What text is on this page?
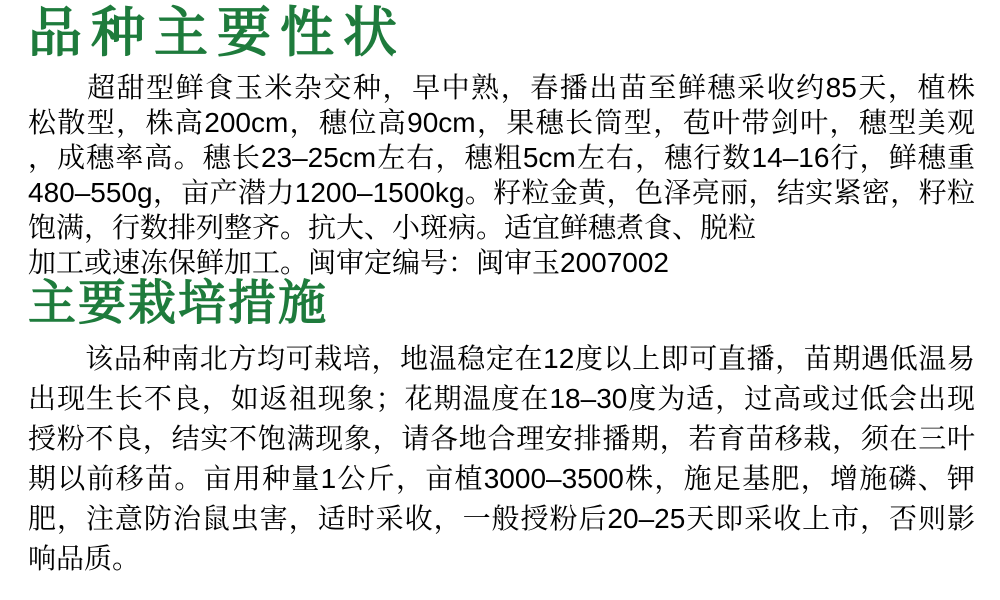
品种主要性状
　　超甜型鲜食玉米杂交种，早中熟，春播出苗至鲜穗采收约85天，植株
松散型，株高200cm，穗位高90cm，果穗长筒型，苞叶带剑叶，穗型美观
，成穗率高。穗长23–25cm左右，穗粗5cm左右，穗行数14–16行，鲜穗重
480–550g，亩产潜力1200–1500kg。籽粒金黄，色泽亮丽，结实紧密，籽粒
饱满，行数排列整齐。抗大、小斑病。适宜鲜穗煮食、脱粒
加工或速冻保鲜加工。闽审定编号：闽审玉2007002
主要栽培措施
　　该品种南北方均可栽培，地温稳定在12度以上即可直播，苗期遇低温易
出现生长不良，如返祖现象；花期温度在18–30度为适，过高或过低会出现
授粉不良，结实不饱满现象，请各地合理安排播期，若育苗移栽，须在三叶
期以前移苗。亩用种量1公斤，亩植3000–3500株，施足基肥，增施磷、钾
肥，注意防治鼠虫害，适时采收，一般授粉后20–25天即采收上市，否则影
响品质。
